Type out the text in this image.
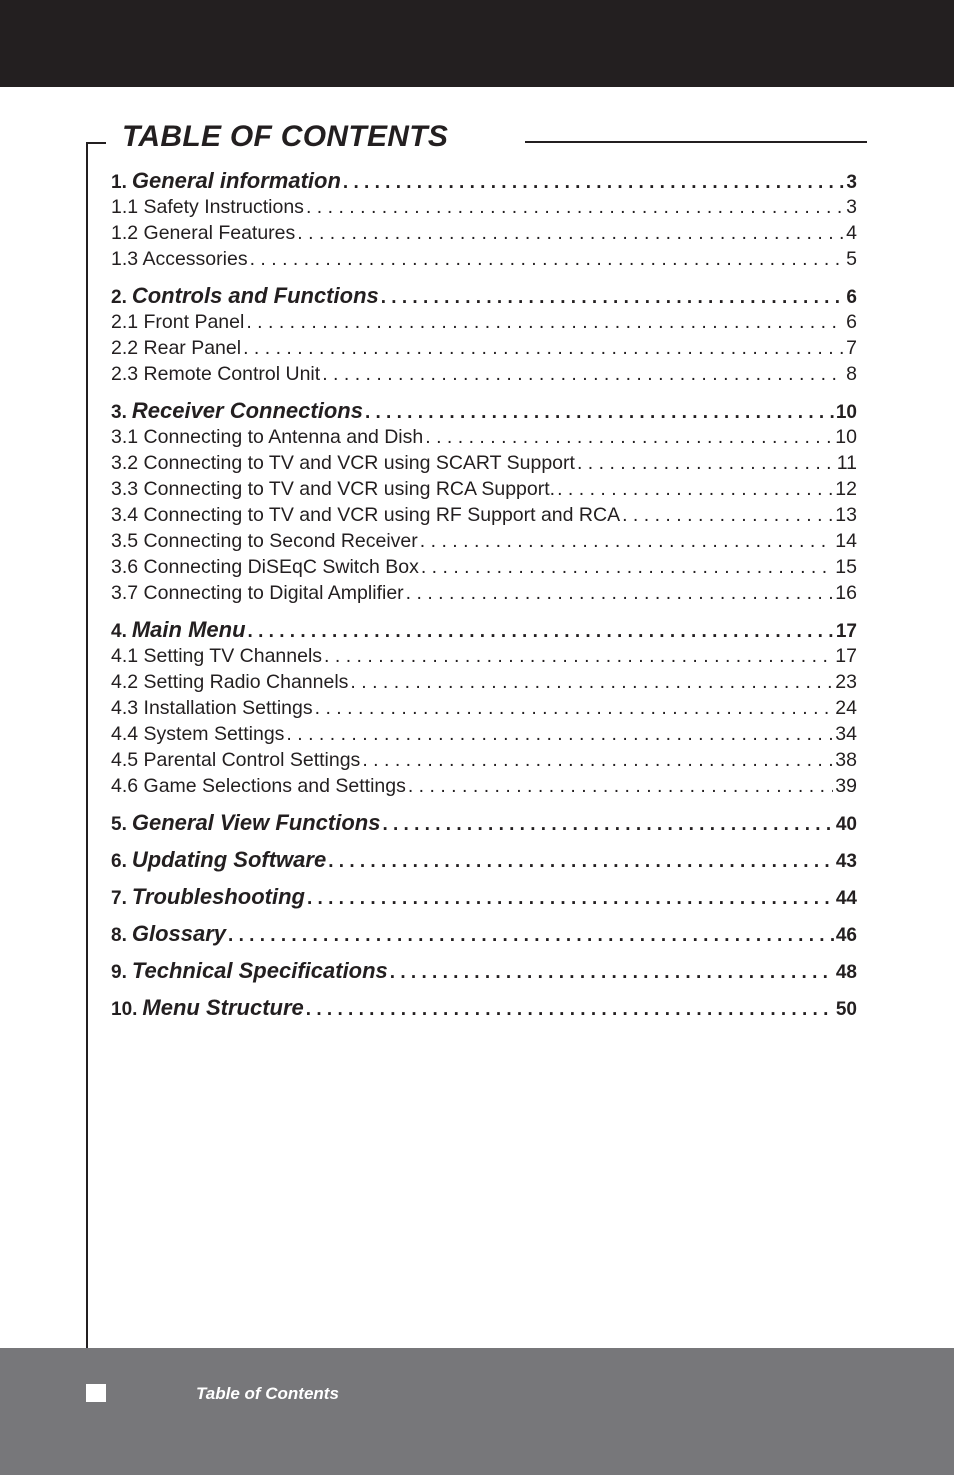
TABLE OF CONTENTS
1. General information . . .	3
1.1 Safety Instructions . . .	3
1.2 General Features . . .	4
1.3 Accessories . . .	5
2. Controls and Functions . . .	6
2.1 Front Panel . . .	6
2.2 Rear Panel . . .	7
2.3 Remote Control Unit . . .	8
3. Receiver Connections . . .	10
3.1 Connecting to Antenna and Dish . . .	10
3.2 Connecting to TV and VCR using SCART Support . . .	11
3.3 Connecting to TV and VCR using RCA Support. . . .	12
3.4 Connecting to TV and VCR using RF Support and RCA . . .	13
3.5 Connecting to Second Receiver . . .	14
3.6 Connecting DiSEqC Switch Box . . .	15
3.7 Connecting to Digital Amplifier . . .	16
4. Main Menu . . .	17
4.1 Setting TV Channels . . .	17
4.2 Setting Radio Channels . . .	23
4.3 Installation Settings . . .	24
4.4 System Settings . . .	34
4.5 Parental Control Settings . . .	38
4.6 Game Selections and Settings . . .	39
5. General View Functions . . .	40
6. Updating Software . . .	43
7. Troubleshooting . . .	44
8. Glossary . . .	46
9. Technical Specifications . . .	48
10. Menu Structure . . .	50
Table of Contents
